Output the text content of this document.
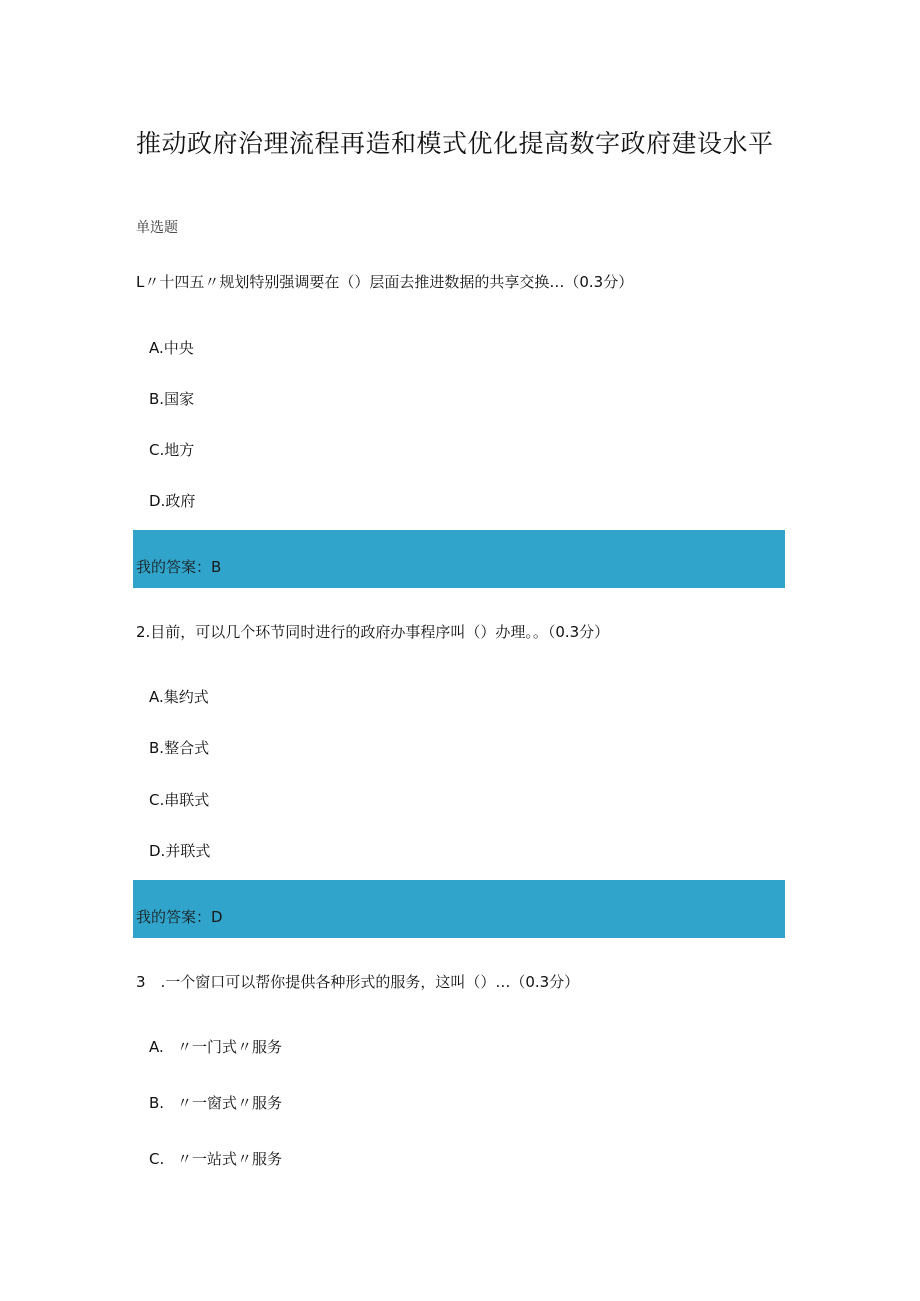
推动政府治理流程再造和模式优化提高数字政府建设水平
单选题
L〃十四五〃规划特别强调要在（）层面去推进数据的共享交换…（0.3分）
A.中央
B.国家
C.地方
D.政府
我的答案：B
2.目前，可以几个环节同时进行的政府办事程序叫（）办理。。（0.3分）
A.集约式
B.整合式
C.串联式
D.并联式
我的答案：D
3　.一个窗口可以帮你提供各种形式的服务，这叫（）…（0.3分）
A. 〃一门式〃服务
B. 〃一窗式〃服务
C. 〃一站式〃服务
